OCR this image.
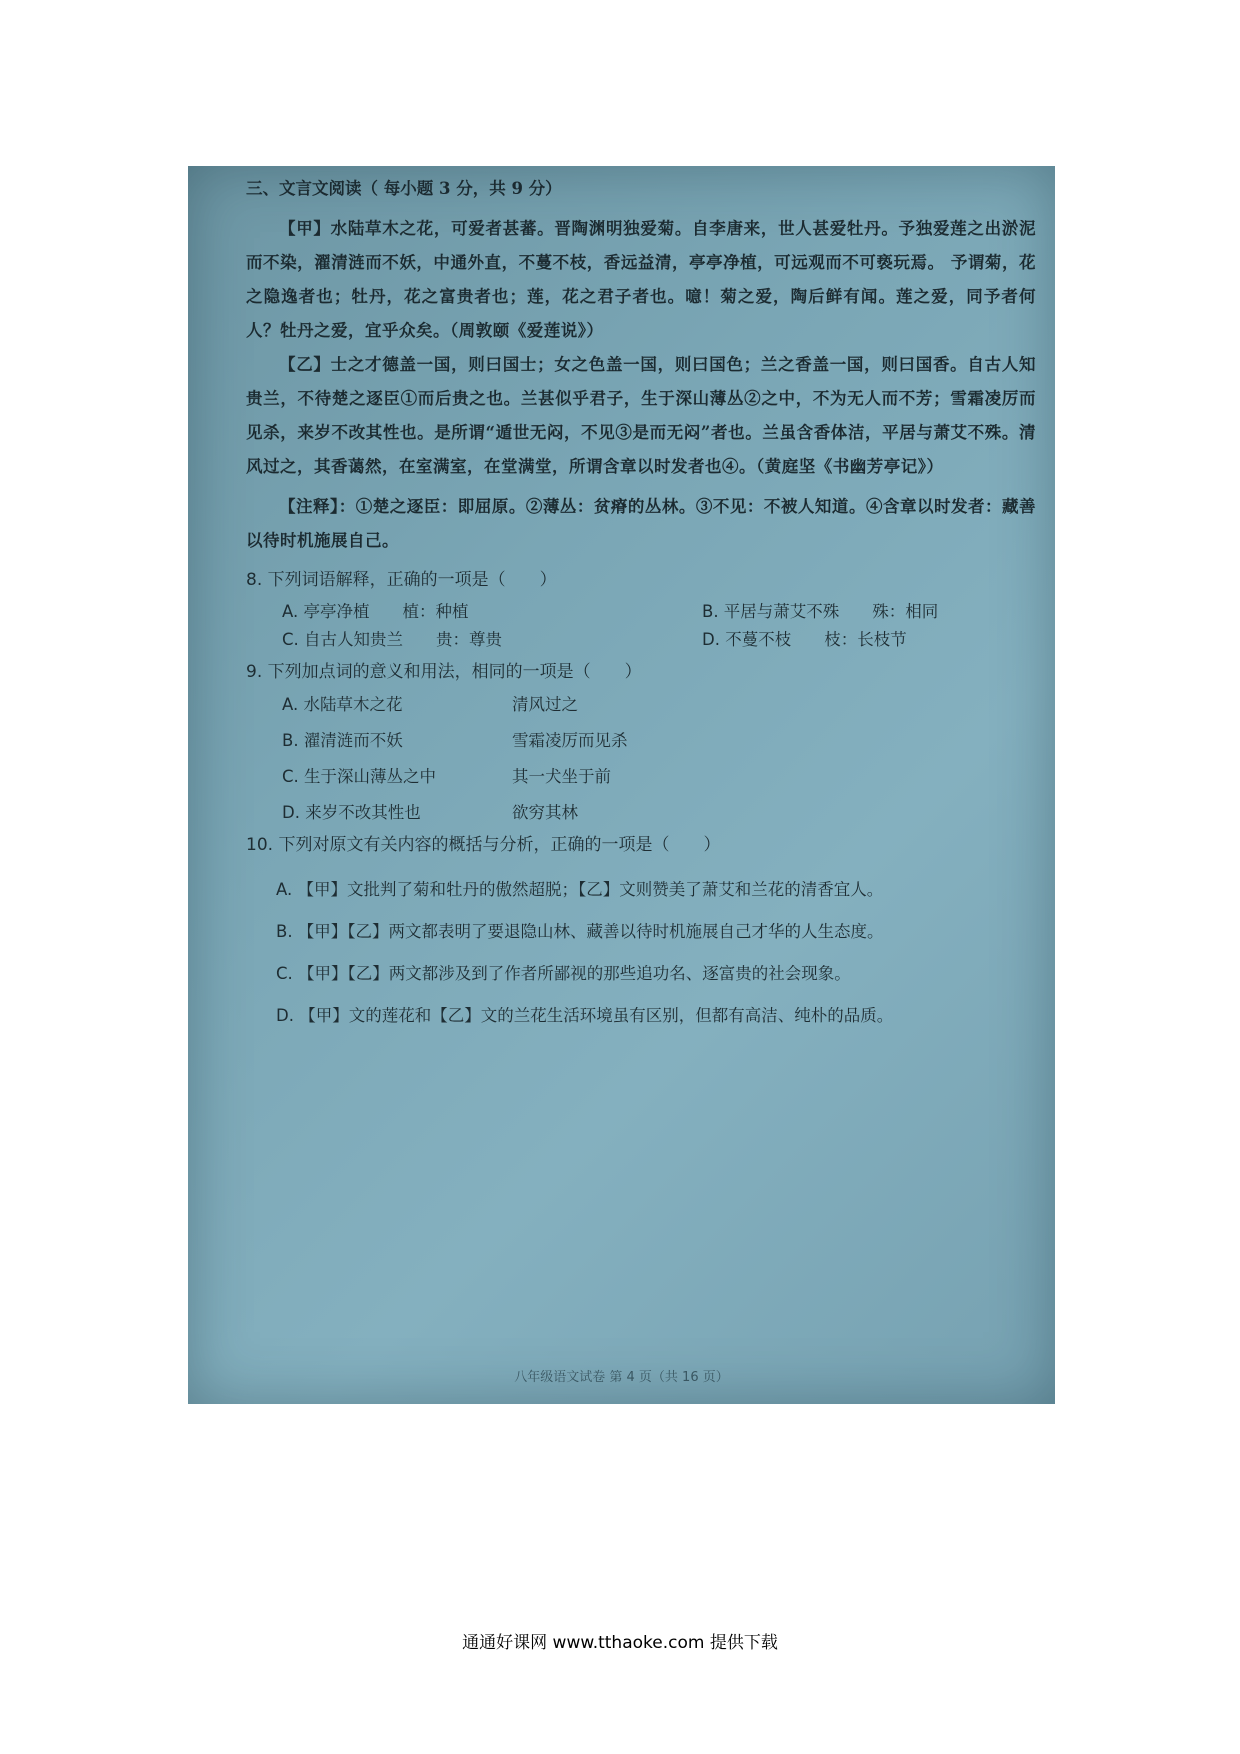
三、文言文阅读（ 每小题 3 分，共 9 分）

【甲】水陆草木之花，可爱者甚蕃。晋陶渊明独爱菊。自李唐来，世人甚爱牡丹。予独爱莲之出淤泥而不染，濯清涟而不妖，中通外直，不蔓不枝，香远益清，亭亭净植，可远观而不可亵玩焉。 予谓菊，花之隐逸者也；牡丹，花之富贵者也；莲，花之君子者也。噫！菊之爱，陶后鲜有闻。莲之爱，同予者何人？牡丹之爱，宜乎众矣。（周敦颐《爱莲说》）

【乙】士之才德盖一国，则曰国士；女之色盖一国，则曰国色；兰之香盖一国，则曰国香。自古人知贵兰，不待楚之逐臣①而后贵之也。兰甚似乎君子，生于深山薄丛②之中，不为无人而不芳；雪霜凌厉而见杀，来岁不改其性也。是所谓“遁世无闷，不见③是而无闷”者也。兰虽含香体洁，平居与萧艾不殊。清风过之，其香蔼然，在室满室，在堂满堂，所谓含章以时发者也④。（黄庭坚《书幽芳亭记》）

【注释】：①楚之逐臣：即屈原。②薄丛：贫瘠的丛林。③不见：不被人知道。④含章以时发者：藏善以待时机施展自己。

8. 下列词语解释，正确的一项是（　　）

A. 亭亭净植　　植：种植	B. 平居与萧艾不殊　　殊：相同
C. 自古人知贵兰　　贵：尊贵	D. 不蔓不枝　　枝：长枝节

9. 下列加点词的意义和用法，相同的一项是（　　）

A. 水陆草木之花	清风过之
B. 濯清涟而不妖	雪霜凌厉而见杀
C. 生于深山薄丛之中	其一犬坐于前
D. 来岁不改其性也	欲穷其林

10. 下列对原文有关内容的概括与分析，正确的一项是（　　）

A. 【甲】文批判了菊和牡丹的傲然超脱；【乙】文则赞美了萧艾和兰花的清香宜人。
B. 【甲】【乙】两文都表明了要退隐山林、藏善以待时机施展自己才华的人生态度。
C. 【甲】【乙】两文都涉及到了作者所鄙视的那些追功名、逐富贵的社会现象。
D. 【甲】文的莲花和【乙】文的兰花生活环境虽有区别，但都有高洁、纯朴的品质。
八年级语文试卷 第 4 页（共 16 页）
通通好课网 www.tthaoke.com 提供下载
